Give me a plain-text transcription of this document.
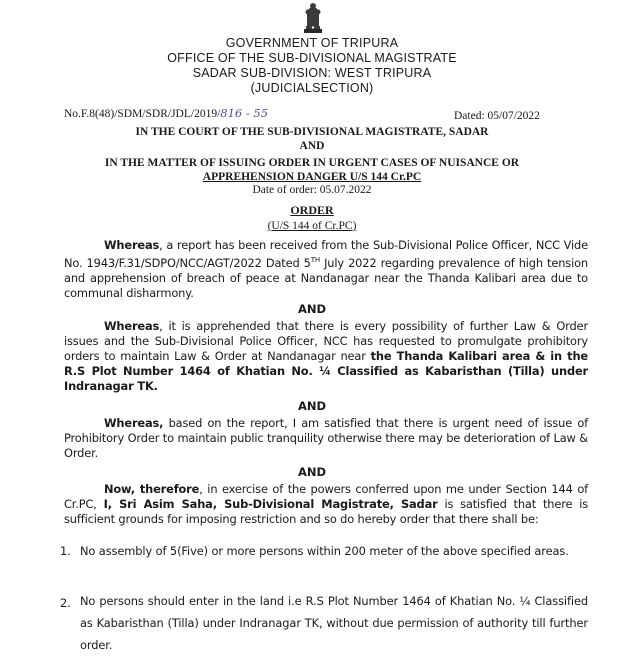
GOVERNMENT OF TRIPURA
OFFICE OF THE SUB-DIVISIONAL MAGISTRATE
SADAR SUB-DIVISION: WEST TRIPURA
(JUDICIALSECTION)
No.F.8(48)/SDM/SDR/JDL/2019/816 - 55	Dated: 05/07/2022
IN THE COURT OF THE SUB-DIVISIONAL MAGISTRATE, SADAR
AND
IN THE MATTER OF ISSUING ORDER IN URGENT CASES OF NUISANCE OR
APPREHENSION DANGER U/S 144 Cr.PC
Date of order: 05.07.2022
ORDER
(U/S 144 of Cr.PC)
Whereas, a report has been received from the Sub-Divisional Police Officer, NCC Vide No. 1943/F.31/SDPO/NCC/AGT/2022 Dated 5TH July 2022 regarding prevalence of high tension and apprehension of breach of peace at Nandanagar near the Thanda Kalibari area due to communal disharmony.
AND
Whereas, it is apprehended that there is every possibility of further Law & Order issues and the Sub-Divisional Police Officer, NCC has requested to promulgate prohibitory orders to maintain Law & Order at Nandanagar near the Thanda Kalibari area & in the R.S Plot Number 1464 of Khatian No. ¼ Classified as Kabaristhan (Tilla) under Indranagar TK.
AND
Whereas, based on the report, I am satisfied that there is urgent need of issue of Prohibitory Order to maintain public tranquility otherwise there may be deterioration of Law & Order.
AND
Now, therefore, in exercise of the powers conferred upon me under Section 144 of Cr.PC, I, Sri Asim Saha, Sub-Divisional Magistrate, Sadar is satisfied that there is sufficient grounds for imposing restriction and so do hereby order that there shall be:
1. No assembly of 5(Five) or more persons within 200 meter of the above specified areas.
2. No persons should enter in the land i.e R.S Plot Number 1464 of Khatian No. ¼ Classified as Kabaristhan (Tilla) under Indranagar TK, without due permission of authority till further order.
